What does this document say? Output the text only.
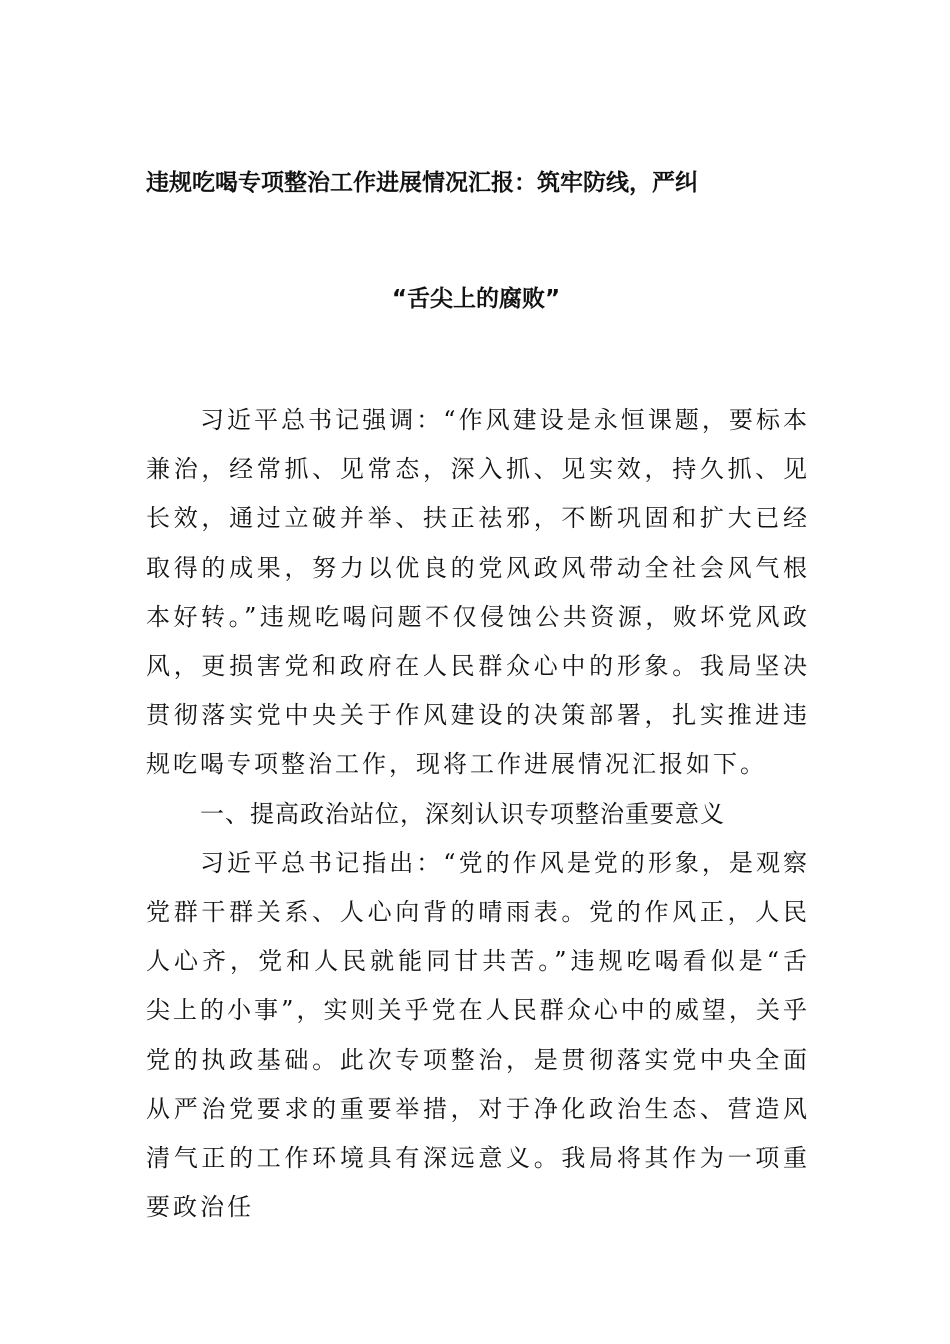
违规吃喝专项整治工作进展情况汇报：筑牢防线，严纠
“舌尖上的腐败”

习近平总书记强调：“作风建设是永恒课题，要标本兼治，经常抓、见常态，深入抓、见实效，持久抓、见长效，通过立破并举、扶正祛邪，不断巩固和扩大已经取得的成果，努力以优良的党风政风带动全社会风气根本好转。”违规吃喝问题不仅侵蚀公共资源，败坏党风政风，更损害党和政府在人民群众心中的形象。我局坚决贯彻落实党中央关于作风建设的决策部署，扎实推进违规吃喝专项整治工作，现将工作进展情况汇报如下。

一、提高政治站位，深刻认识专项整治重要意义

习近平总书记指出：“党的作风是党的形象，是观察党群干群关系、人心向背的晴雨表。党的作风正，人民人心齐，党和人民就能同甘共苦。”违规吃喝看似是“舌尖上的小事”，实则关乎党在人民群众心中的威望，关乎党的执政基础。此次专项整治，是贯彻落实党中央全面从严治党要求的重要举措，对于净化政治生态、营造风清气正的工作环境具有深远意义。我局将其作为一项重要政治任
